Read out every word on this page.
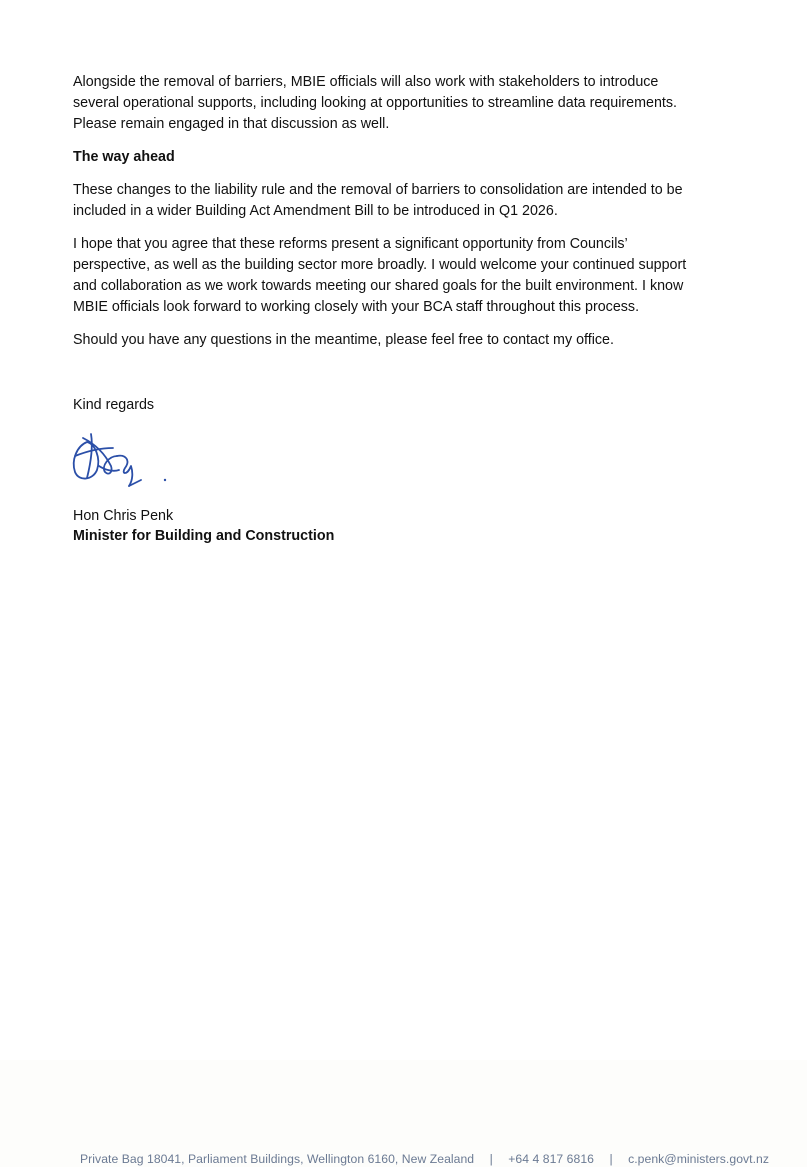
Alongside the removal of barriers, MBIE officials will also work with stakeholders to introduce
several operational supports, including looking at opportunities to streamline data requirements.
Please remain engaged in that discussion as well.

The way ahead

These changes to the liability rule and the removal of barriers to consolidation are intended to be
included in a wider Building Act Amendment Bill to be introduced in Q1 2026.

I hope that you agree that these reforms present a significant opportunity from Councils’
perspective, as well as the building sector more broadly. I would welcome your continued support
and collaboration as we work towards meeting our shared goals for the built environment. I know
MBIE officials look forward to working closely with your BCA staff throughout this process.

Should you have any questions in the meantime, please feel free to contact my office.

Kind regards
Hon Chris Penk
Minister for Building and Construction
Private Bag 18041, Parliament Buildings, Wellington 6160, New Zealand | +64 4 817 6816 | c.penk@ministers.govt.nz
